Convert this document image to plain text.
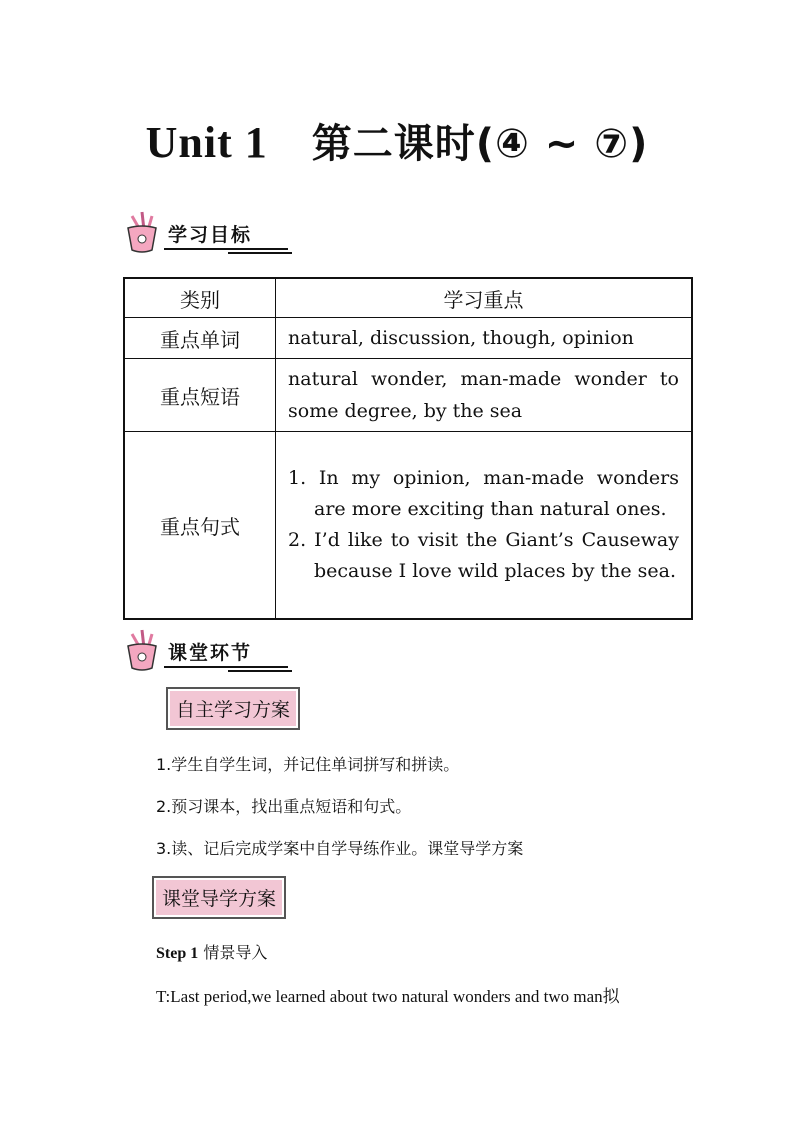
Unit 1 第二课时(④ ~ ⑦)
学习目标
类别	学习重点
重点单词	natural, discussion, though, opinion
重点短语	natural wonder, man-made wonder to some degree, by the sea
重点句式	1. In my opinion, man-made wonders are more exciting than natural ones.
2. I’d like to visit the Giant’s Causeway because I love wild places by the sea.
课堂环节
自主学习方案
1.学生自学生词，并记住单词拼写和拼读。
2.预习课本，找出重点短语和句式。
3.读、记后完成学案中自学导练作业。课堂导学方案
课堂导学方案
Step 1 情景导入
T:Last period,we learned about two natural wonders and two man拟
